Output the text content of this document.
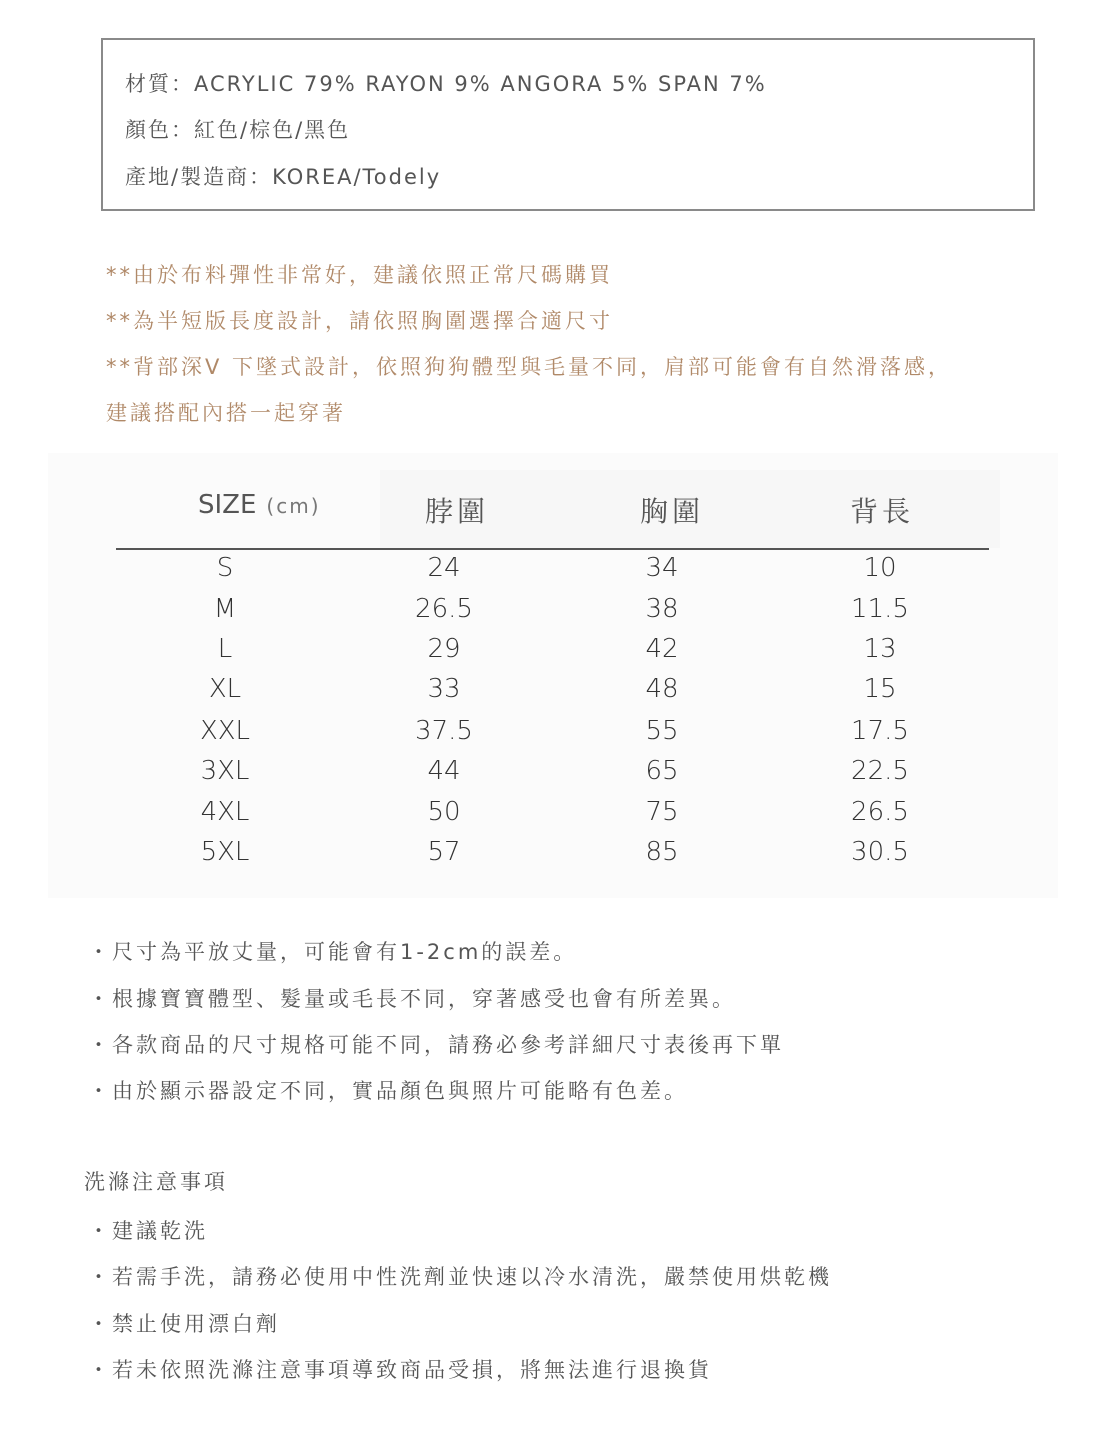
材質：ACRYLIC 79% RAYON 9% ANGORA 5% SPAN 7%
顏色：紅色/棕色/黑色
產地/製造商：KOREA/Todely
**由於布料彈性非常好，建議依照正常尺碼購買
**為半短版長度設計，請依照胸圍選擇合適尺寸
**背部深V 下墜式設計，依照狗狗體型與毛量不同，肩部可能會有自然滑落感，
建議搭配內搭一起穿著
SIZE (cm)	脖圍	胸圍	背長
S	24	34	10
M	26.5	38	11.5
L	29	42	13
XL	33	48	15
XXL	37.5	55	17.5
3XL	44	65	22.5
4XL	50	75	26.5
5XL	57	85	30.5
・尺寸為平放丈量，可能會有1-2cm的誤差。
・根據寶寶體型、髮量或毛長不同，穿著感受也會有所差異。
・各款商品的尺寸規格可能不同，請務必參考詳細尺寸表後再下單
・由於顯示器設定不同，實品顏色與照片可能略有色差。
洗滌注意事項
・建議乾洗
・若需手洗，請務必使用中性洗劑並快速以冷水清洗，嚴禁使用烘乾機
・禁止使用漂白劑
・若未依照洗滌注意事項導致商品受損，將無法進行退換貨
